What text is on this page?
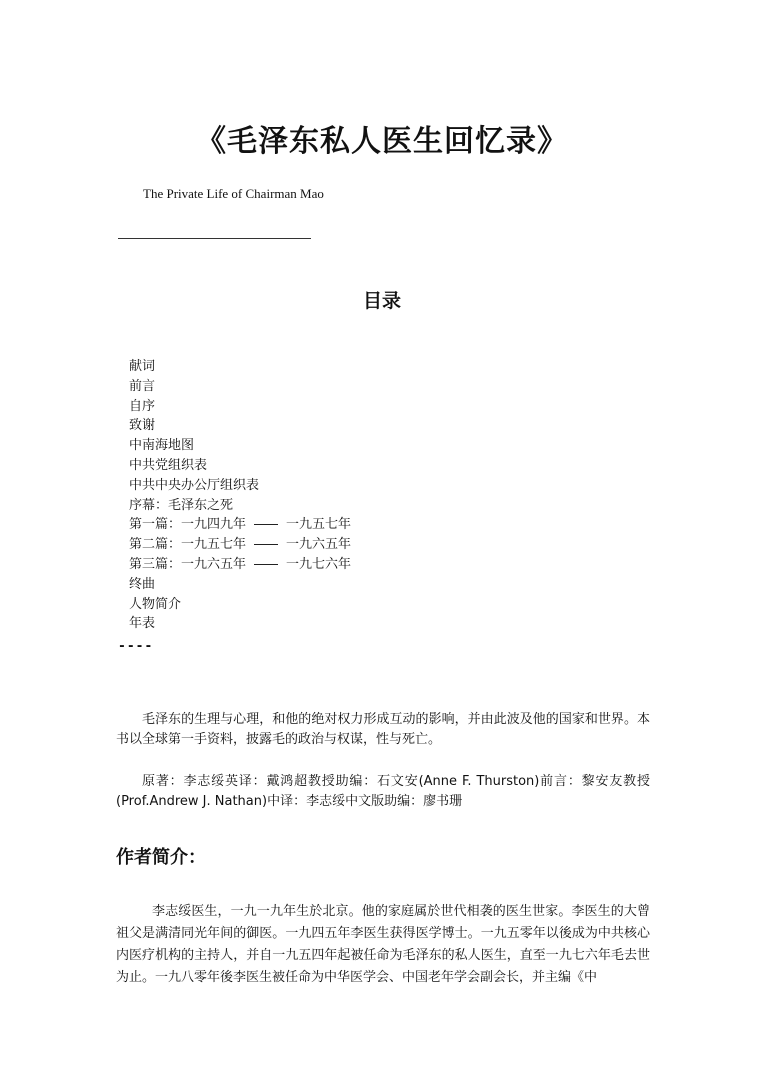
《毛泽东私人医生回忆录》
The Private Life of Chairman Mao
目录
献词
前言
自序
致谢
中南海地图
中共党组织表
中共中央办公厅组织表
序幕：毛泽东之死
第一篇：一九四九年	一九五七年
第二篇：一九五七年	一九六五年
第三篇：一九六五年	一九七六年
终曲
人物简介
年表
----

毛泽东的生理与心理，和他的绝对权力形成互动的影响，并由此波及他的国家和世界。本书以全球第一手资料，披露毛的政治与权谋，性与死亡。

原著：李志绥英译：戴鸿超教授助编：石文安(Anne F. Thurston)前言：黎安友教授(Prof.Andrew J. Nathan)中译：李志绥中文版助编：廖书珊

作者简介：

李志绥医生，一九一九年生於北京。他的家庭属於世代相袭的医生世家。李医生的大曾祖父是满清同光年间的御医。一九四五年李医生获得医学博士。一九五零年以後成为中共核心内医疗机构的主持人，并自一九五四年起被任命为毛泽东的私人医生，直至一九七六年毛去世为止。一九八零年後李医生被任命为中华医学会、中国老年学会副会长，并主编《中
